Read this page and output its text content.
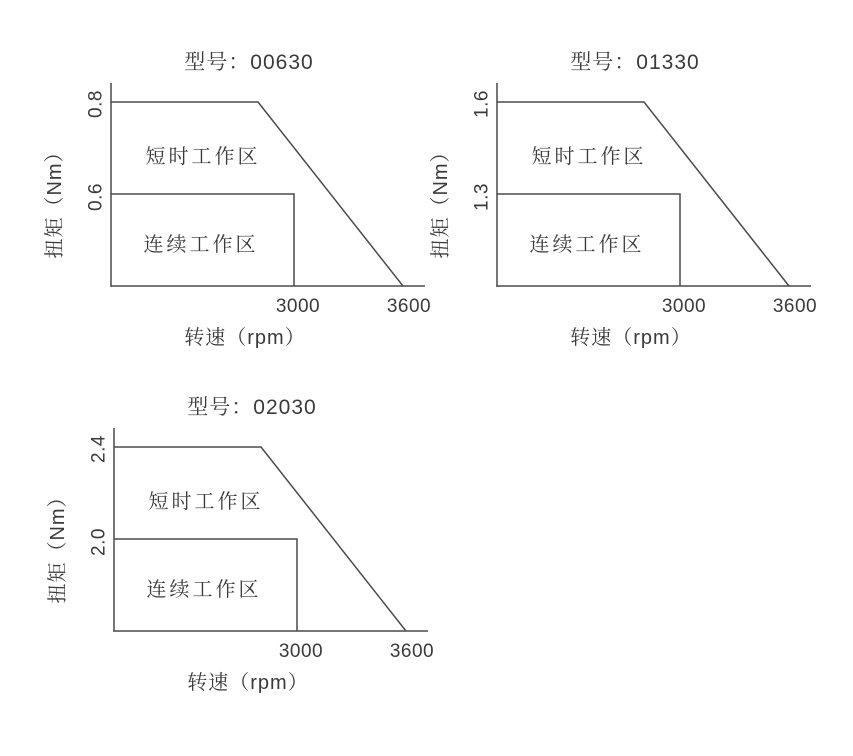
型号：00630
0.8
0.6
扭矩（Nm）	短时工作区
连续工作区
3000	3600
转速（rpm）
型号：01330
1.6
1.3
扭矩（Nm）	短时工作区
连续工作区
3000	3600
转速（rpm）
型号：02030
2.4
2.0
扭矩（Nm）	短时工作区
连续工作区
3000	3600
转速（rpm）
